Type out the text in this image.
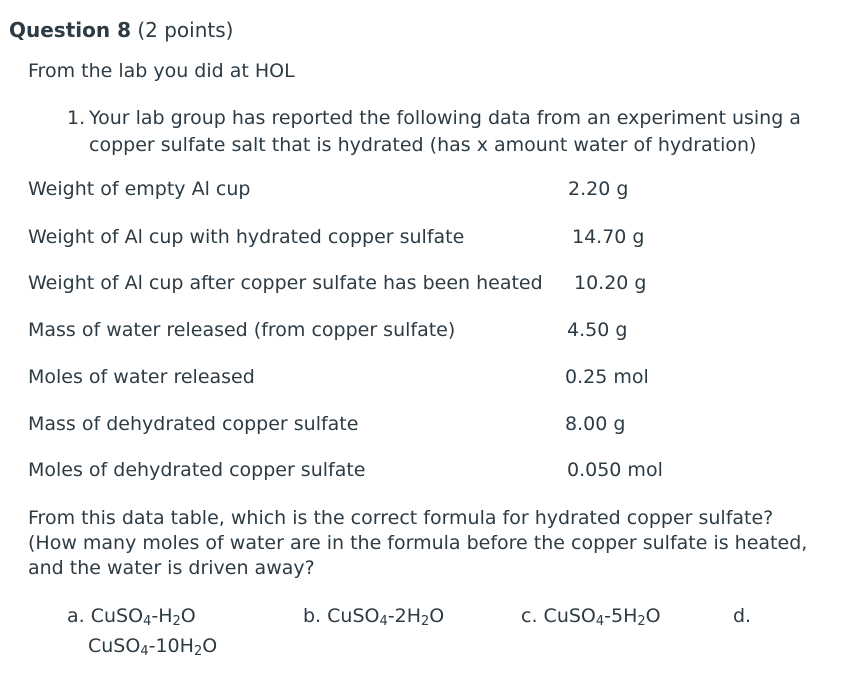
Question 8 (2 points)
From the lab you did at HOL
1. Your lab group has reported the following data from an experiment using a copper sulfate salt that is hydrated (has x amount water of hydration)
Weight of empty Al cup	2.20 g
Weight of Al cup with hydrated copper sulfate	14.70 g
Weight of Al cup after copper sulfate has been heated 10.20 g
Mass of water released (from copper sulfate)	4.50 g
Moles of water released	0.25 mol
Mass of dehydrated copper sulfate	8.00 g
Moles of dehydrated copper sulfate	0.050 mol
From this data table, which is the correct formula for hydrated copper sulfate? (How many moles of water are in the formula before the copper sulfate is heated, and the water is driven away?
a. $CuSO_4-H_2O$	b. $CuSO_4-2H_2O$	c. $CuSO_4-5H_2O$	d.
$CuSO_4-10H_2O$
